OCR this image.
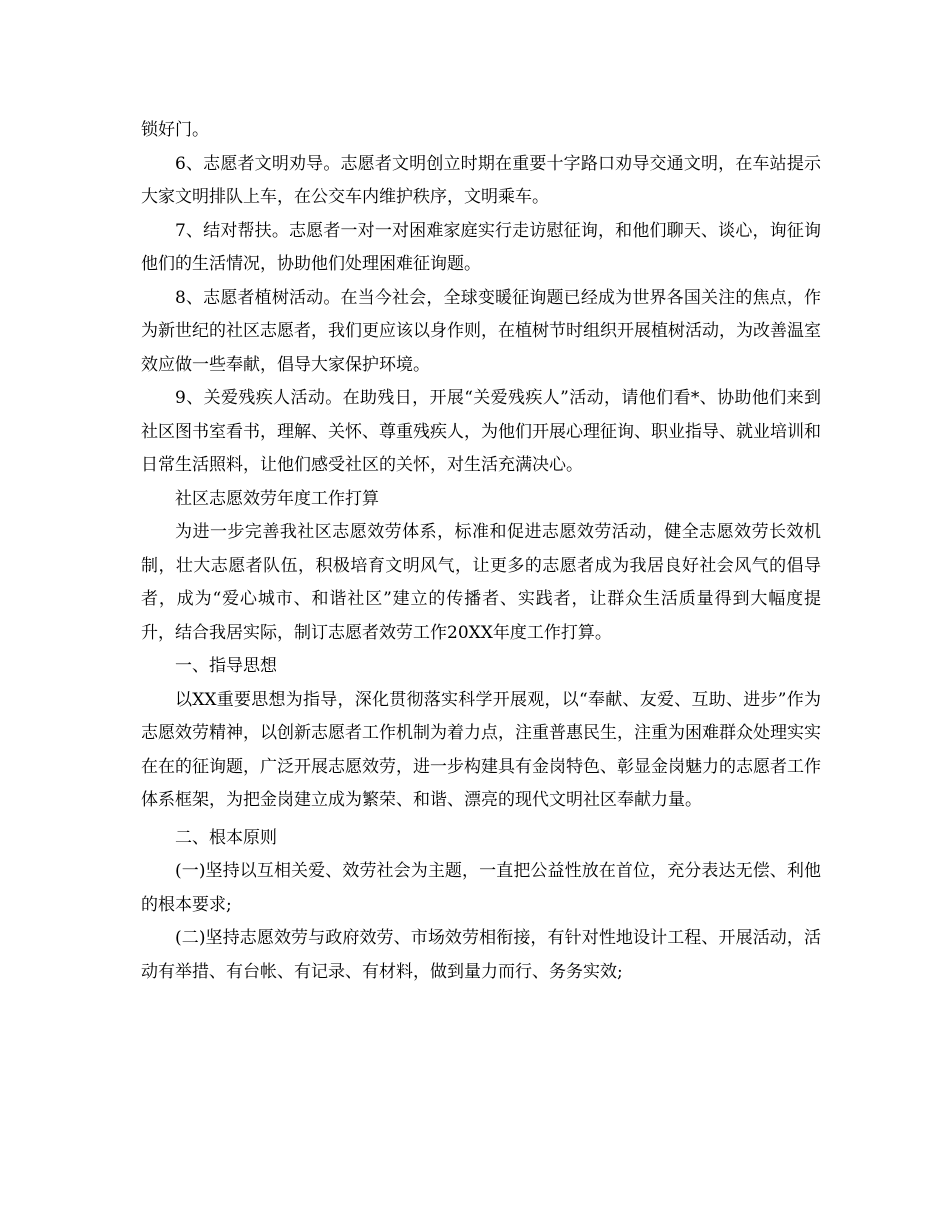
锁好门。

6、志愿者文明劝导。志愿者文明创立时期在重要十字路口劝导交通文明，在车站提示大家文明排队上车，在公交车内维护秩序，文明乘车。

7、结对帮扶。志愿者一对一对困难家庭实行走访慰征询，和他们聊天、谈心，询征询他们的生活情况，协助他们处理困难征询题。

8、志愿者植树活动。在当今社会，全球变暖征询题已经成为世界各国关注的焦点，作为新世纪的社区志愿者，我们更应该以身作则，在植树节时组织开展植树活动，为改善温室效应做一些奉献，倡导大家保护环境。

9、关爱残疾人活动。在助残日，开展“关爱残疾人”活动，请他们看*、协助他们来到社区图书室看书，理解、关怀、尊重残疾人，为他们开展心理征询、职业指导、就业培训和日常生活照料，让他们感受社区的关怀，对生活充满决心。

社区志愿效劳年度工作打算

为进一步完善我社区志愿效劳体系，标准和促进志愿效劳活动，健全志愿效劳长效机制，壮大志愿者队伍，积极培育文明风气，让更多的志愿者成为我居良好社会风气的倡导者，成为“爱心城市、和谐社区”建立的传播者、实践者，让群众生活质量得到大幅度提升，结合我居实际，制订志愿者效劳工作20XX年度工作打算。

一、指导思想

以XX重要思想为指导，深化贯彻落实科学开展观，以“奉献、友爱、互助、进步”作为志愿效劳精神，以创新志愿者工作机制为着力点，注重普惠民生，注重为困难群众处理实实在在的征询题，广泛开展志愿效劳，进一步构建具有金岗特色、彰显金岗魅力的志愿者工作体系框架，为把金岗建立成为繁荣、和谐、漂亮的现代文明社区奉献力量。

二、根本原则

(一)坚持以互相关爱、效劳社会为主题，一直把公益性放在首位，充分表达无偿、利他的根本要求;

(二)坚持志愿效劳与政府效劳、市场效劳相衔接，有针对性地设计工程、开展活动，活动有举措、有台帐、有记录、有材料，做到量力而行、务务实效;
